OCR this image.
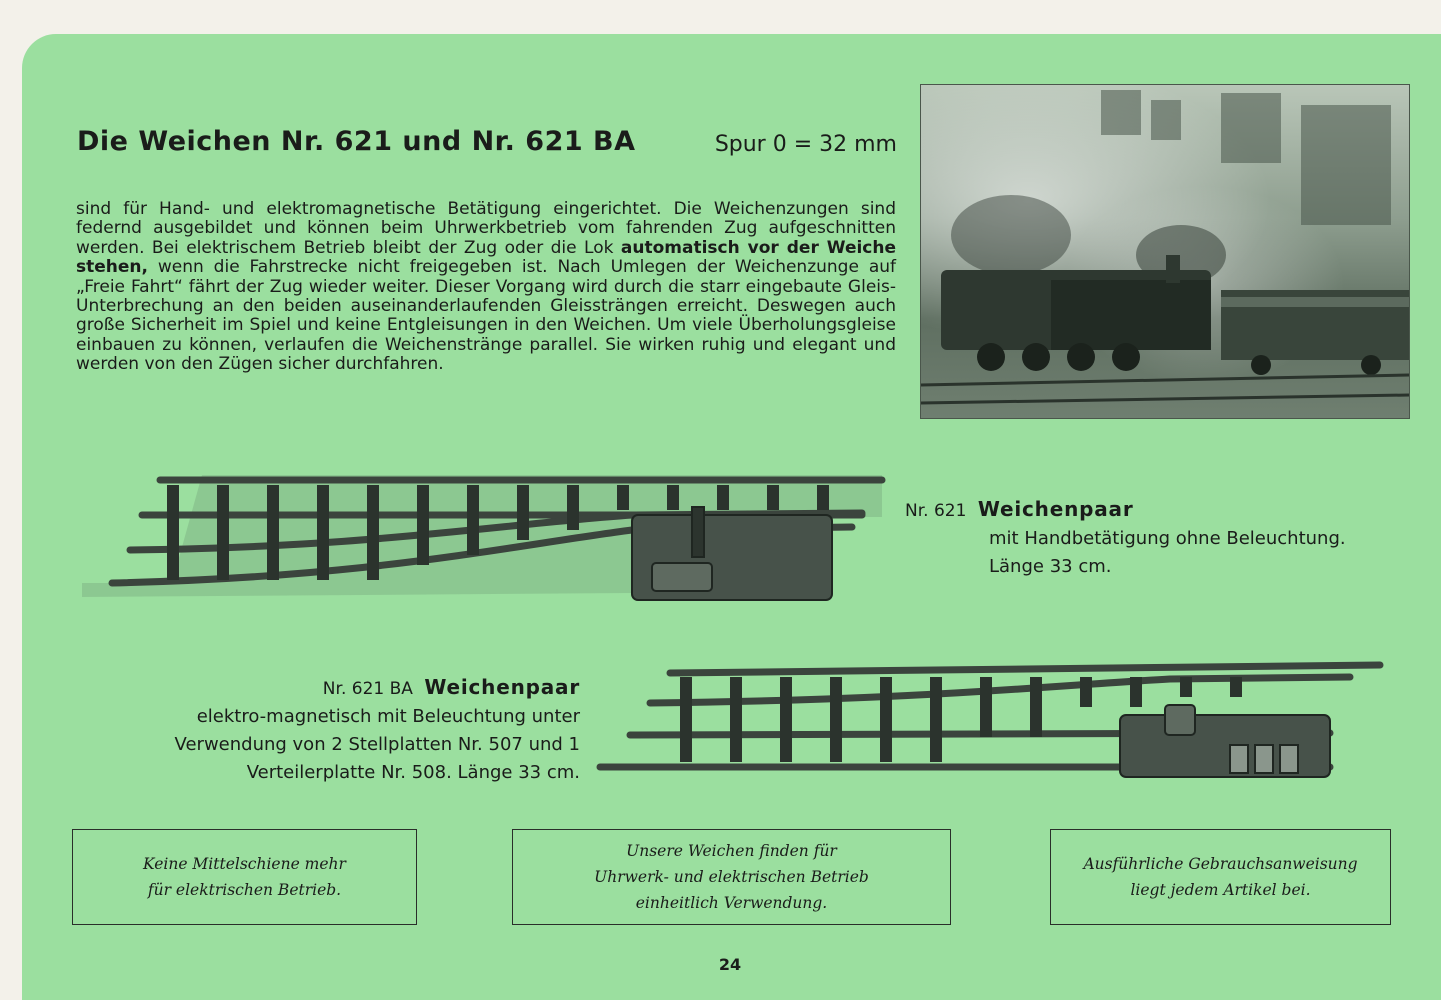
Die Weichen Nr. 621 und Nr. 621 BA	Spur 0 = 32 mm
sind für Hand- und elektromagnetische Betätigung eingerichtet. Die Weichenzungen sind federnd ausgebildet und können beim Uhrwerkbetrieb vom fahrenden Zug aufgeschnitten werden. Bei elektrischem Betrieb bleibt der Zug oder die Lok automatisch vor der Weiche stehen, wenn die Fahrstrecke nicht freigegeben ist. Nach Umlegen der Weichenzunge auf „Freie Fahrt“ fährt der Zug wieder weiter. Dieser Vorgang wird durch die starr eingebaute Gleis-Unterbrechung an den beiden auseinanderlaufenden Gleissträngen erreicht. Deswegen auch große Sicherheit im Spiel und keine Entgleisungen in den Weichen. Um viele Überholungsgleise einbauen zu können, verlaufen die Weichenstränge parallel. Sie wirken ruhig und elegant und werden von den Zügen sicher durchfahren.
Nr. 621 Weichenpaar
mit Handbetätigung ohne Beleuchtung. Länge 33 cm.
Nr. 621 BA Weichenpaar
elektro-magnetisch mit Beleuchtung unter Verwendung von 2 Stellplatten Nr. 507 und 1 Verteilerplatte Nr. 508. Länge 33 cm.
Keine Mittelschiene mehr
für elektrischen Betrieb.
Unsere Weichen finden für
Uhrwerk- und elektrischen Betrieb
einheitlich Verwendung.
Ausführliche Gebrauchsanweisung
liegt jedem Artikel bei.
24
